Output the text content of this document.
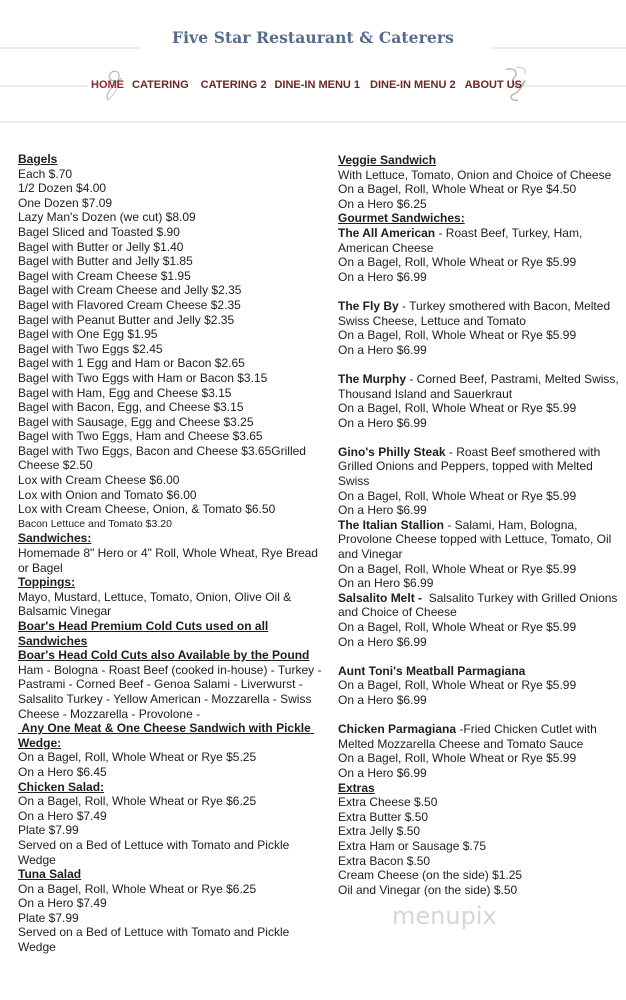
Five Star Restaurant & Caterers
HOME CATERING CATERING 2 DINE-IN MENU 1 DINE-IN MENU 2 ABOUT US
Bagels
Each $.70
1/2 Dozen $4.00
One Dozen $7.09
Lazy Man's Dozen (we cut) $8.09
Bagel Sliced and Toasted $.90
Bagel with Butter or Jelly $1.40
Bagel with Butter and Jelly $1.85
Bagel with Cream Cheese $1.95
Bagel with Cream Cheese and Jelly $2.35
Bagel with Flavored Cream Cheese $2.35
Bagel with Peanut Butter and Jelly $2.35
Bagel with One Egg $1.95
Bagel with Two Eggs $2.45
Bagel with 1 Egg and Ham or Bacon $2.65
Bagel with Two Eggs with Ham or Bacon $3.15
Bagel with Ham, Egg and Cheese $3.15
Bagel with Bacon, Egg, and Cheese $3.15
Bagel with Sausage, Egg and Cheese $3.25
Bagel with Two Eggs, Ham and Cheese $3.65
Bagel with Two Eggs, Bacon and Cheese $3.65Grilled Cheese $2.50
Lox with Cream Cheese $6.00
Lox with Onion and Tomato $6.00
Lox with Cream Cheese, Onion, & Tomato $6.50
Bacon Lettuce and Tomato $3.20
Sandwiches:
Homemade 8" Hero or 4" Roll, Whole Wheat, Rye Bread or Bagel
Toppings:
Mayo, Mustard, Lettuce, Tomato, Onion, Olive Oil & Balsamic Vinegar
Boar's Head Premium Cold Cuts used on all Sandwiches
Boar's Head Cold Cuts also Available by the Pound
Ham - Bologna - Roast Beef (cooked in-house) - Turkey - Pastrami - Corned Beef - Genoa Salami - Liverwurst - Salsalito Turkey - Yellow American - Mozzarella - Swiss Cheese - Mozzarella - Provolone -
Any One Meat & One Cheese Sandwich with Pickle Wedge:
On a Bagel, Roll, Whole Wheat or Rye $5.25
On a Hero $6.45
Chicken Salad:
On a Bagel, Roll, Whole Wheat or Rye $6.25
On a Hero $7.49
Plate $7.99
Served on a Bed of Lettuce with Tomato and Pickle Wedge
Tuna Salad
On a Bagel, Roll, Whole Wheat or Rye $6.25
On a Hero $7.49
Plate $7.99
Served on a Bed of Lettuce with Tomato and Pickle Wedge
Veggie Sandwich
With Lettuce, Tomato, Onion and Choice of Cheese
On a Bagel, Roll, Whole Wheat or Rye $4.50
On a Hero $6.25
Gourmet Sandwiches:
The All American - Roast Beef, Turkey, Ham, American Cheese
On a Bagel, Roll, Whole Wheat or Rye $5.99
On a Hero $6.99
The Fly By - Turkey smothered with Bacon, Melted Swiss Cheese, Lettuce and Tomato
On a Bagel, Roll, Whole Wheat or Rye $5.99
On a Hero $6.99
The Murphy - Corned Beef, Pastrami, Melted Swiss, Thousand Island and Sauerkraut
On a Bagel, Roll, Whole Wheat or Rye $5.99
On a Hero $6.99
Gino's Philly Steak - Roast Beef smothered with Grilled Onions and Peppers, topped with Melted Swiss
On a Bagel, Roll, Whole Wheat or Rye $5.99
On a Hero $6.99
The Italian Stallion - Salami, Ham, Bologna, Provolone Cheese topped with Lettuce, Tomato, Oil and Vinegar
On a Bagel, Roll, Whole Wheat or Rye $5.99
On an Hero $6.99
Salsalito Melt -  Salsalito Turkey with Grilled Onions and Choice of Cheese
On a Bagel, Roll, Whole Wheat or Rye $5.99
On a Hero $6.99
Aunt Toni's Meatball Parmagiana
On a Bagel, Roll, Whole Wheat or Rye $5.99
On a Hero $6.99
Chicken Parmagiana -Fried Chicken Cutlet with Melted Mozzarella Cheese and Tomato Sauce
On a Bagel, Roll, Whole Wheat or Rye $5.99
On a Hero $6.99
Extras
Extra Cheese $.50
Extra Butter $.50
Extra Jelly $.50
Extra Ham or Sausage $.75
Extra Bacon $.50
Cream Cheese (on the side) $1.25
Oil and Vinegar (on the side) $.50
menupix
